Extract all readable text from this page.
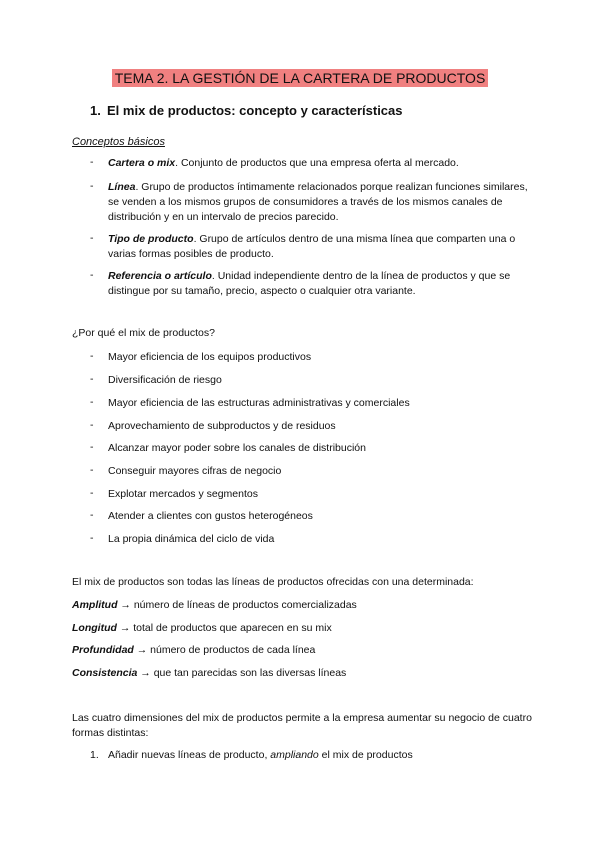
TEMA 2. LA GESTIÓN DE LA CARTERA DE PRODUCTOS
1. El mix de productos: concepto y características
Conceptos básicos
- Cartera o mix. Conjunto de productos que una empresa oferta al mercado.
- Línea. Grupo de productos íntimamente relacionados porque realizan funciones similares, se venden a los mismos grupos de consumidores a través de los mismos canales de distribución y en un intervalo de precios parecido.
- Tipo de producto. Grupo de artículos dentro de una misma línea que comparten una o varias formas posibles de producto.
- Referencia o artículo. Unidad independiente dentro de la línea de productos y que se distingue por su tamaño, precio, aspecto o cualquier otra variante.
¿Por qué el mix de productos?
- Mayor eficiencia de los equipos productivos
- Diversificación de riesgo
- Mayor eficiencia de las estructuras administrativas y comerciales
- Aprovechamiento de subproductos y de residuos
- Alcanzar mayor poder sobre los canales de distribución
- Conseguir mayores cifras de negocio
- Explotar mercados y segmentos
- Atender a clientes con gustos heterogéneos
- La propia dinámica del ciclo de vida
El mix de productos son todas las líneas de productos ofrecidas con una determinada:
Amplitud → número de líneas de productos comercializadas
Longitud → total de productos que aparecen en su mix
Profundidad → número de productos de cada línea
Consistencia → que tan parecidas son las diversas líneas
Las cuatro dimensiones del mix de productos permite a la empresa aumentar su negocio de cuatro formas distintas:
1. Añadir nuevas líneas de producto, ampliando el mix de productos
